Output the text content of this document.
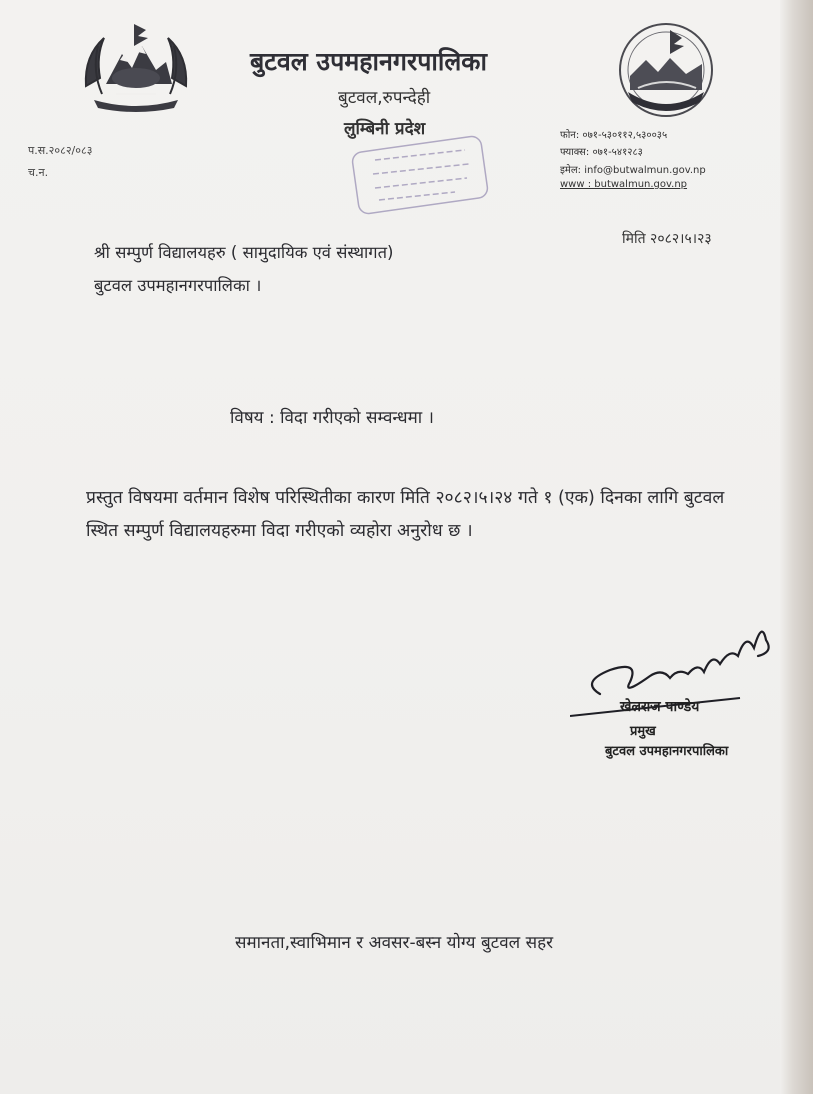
बुटवल उपमहानगरपालिका
बुटवल,रुपन्देही
लुम्बिनी प्रदेश	फोन: ०७१-५३०११२,५३००३५
फ्याक्स: ०७१-५४१२८३
इमेल: info@butwalmun.gov.np
www : butwalmun.gov.np
प.स.२०८२/०८३
च.न.
मिति २०८२।५।२३
श्री सम्पुर्ण विद्यालयहरु ( सामुदायिक एवं संस्थागत)
बुटवल उपमहानगरपालिका ।
विषय : विदा गरीएको सम्वन्धमा ।
प्रस्तुत विषयमा वर्तमान विशेष परिस्थितीका कारण मिति २०८२।५।२४ गते १ (एक) दिनका लागि बुटवल स्थित सम्पुर्ण विद्यालयहरुमा विदा गरीएको व्यहोरा अनुरोध छ ।
खेलराज पाण्डेय
प्रमुख
बुटवल उपमहानगरपालिका
समानता,स्वाभिमान र अवसर-बस्न योग्य बुटवल सहर
